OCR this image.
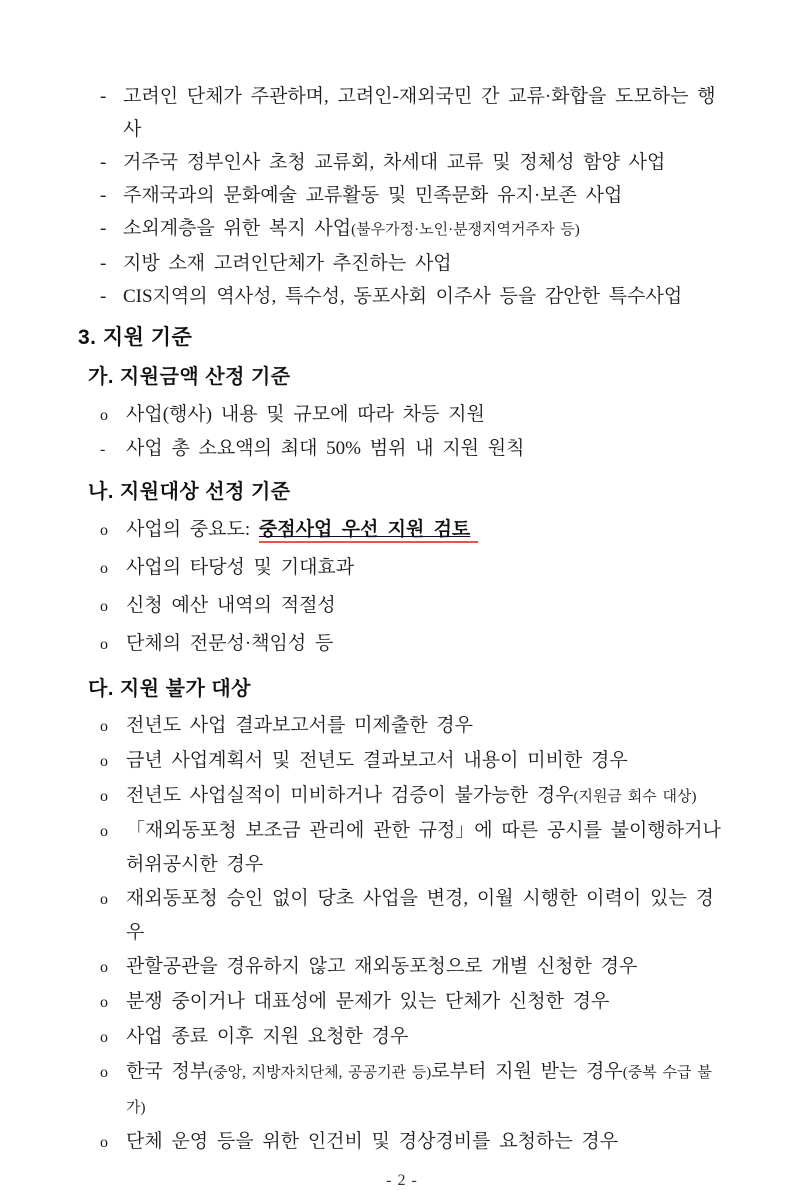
- 고려인 단체가 주관하며, 고려인-재외국민 간 교류·화합을 도모하는 행사
- 거주국 정부인사 초청 교류회, 차세대 교류 및 정체성 함양 사업
- 주재국과의 문화예술 교류활동 및 민족문화 유지·보존 사업
- 소외계층을 위한 복지 사업(불우가정·노인·분쟁지역거주자 등)
- 지방 소재 고려인단체가 추진하는 사업
- CIS지역의 역사성, 특수성, 동포사회 이주사 등을 감안한 특수사업
3. 지원 기준
가. 지원금액 산정 기준
o 사업(행사) 내용 및 규모에 따라 차등 지원
-	사업 총 소요액의 최대 50% 범위 내 지원 원칙
나. 지원대상 선정 기준
o 사업의 중요도: 중점사업 우선 지원 검토
o 사업의 타당성 및 기대효과
o 신청 예산 내역의 적절성
o 단체의 전문성·책임성 등
다. 지원 불가 대상
o 전년도 사업 결과보고서를 미제출한 경우
o 금년 사업계획서 및 전년도 결과보고서 내용이 미비한 경우
o 전년도 사업실적이 미비하거나 검증이 불가능한 경우(지원금 회수 대상)
o 「재외동포청 보조금 관리에 관한 규정」에 따른 공시를 불이행하거나
허위공시한 경우
o 재외동포청 승인 없이 당초 사업을 변경, 이월 시행한 이력이 있는 경우
o 관할공관을 경유하지 않고 재외동포청으로 개별 신청한 경우
o 분쟁 중이거나 대표성에 문제가 있는 단체가 신청한 경우
o 사업 종료 이후 지원 요청한 경우
o 한국 정부(중앙, 지방자치단체, 공공기관 등)로부터 지원 받는 경우(중복 수급 불가)
o 단체 운영 등을 위한 인건비 및 경상경비를 요청하는 경우
- 2 -
